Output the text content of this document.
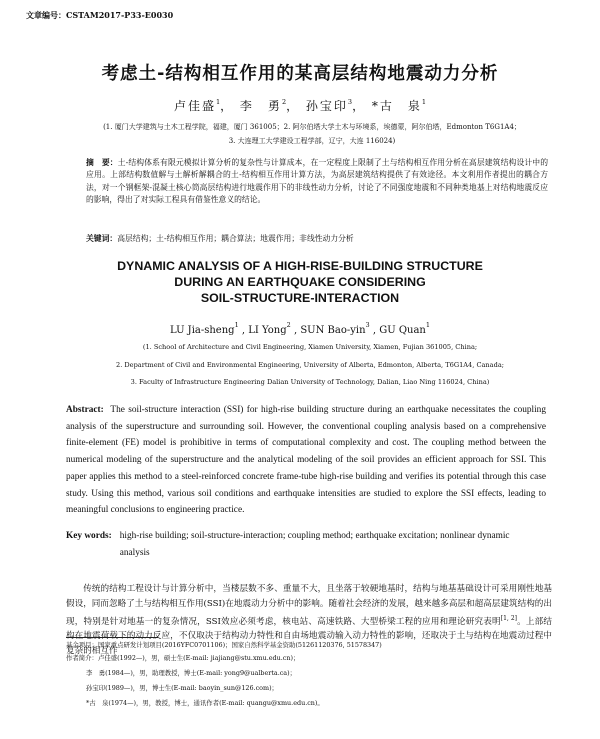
文章编号：CSTAM2017-P33-E0030
考虑土-结构相互作用的某高层结构地震动力分析
卢佳盛$^1$， 李　勇$^2$， 孙宝印$^3$， *古　泉$^1$
(1. 厦门大学建筑与土木工程学院，福建，厦门 361005；2. 阿尔伯塔大学土木与环境系，埃德蒙，阿尔伯塔，Edmonton T6G1A4；
3. 大连理工大学建设工程学部，辽宁，大连 116024)
摘　要：土-结构体系有限元模拟计算分析的复杂性与计算成本，在一定程度上限制了土与结构相互作用分析在高层建筑结构设计中的应用。上部结构数值解与土解析解耦合的土-结构相互作用计算方法，为高层建筑结构提供了有效途径。本文利用作者提出的耦合方法，对一个钢框架-混凝土核心筒高层结构进行地震作用下的非线性动力分析，讨论了不同强度地震和不同种类地基上对结构地震反应的影响，得出了对实际工程具有借鉴性意义的结论。
关键词：高层结构；土-结构相互作用；耦合算法；地震作用；非线性动力分析
DYNAMIC ANALYSIS OF A HIGH-RISE-BUILDING STRUCTURE
DURING AN EARTHQUAKE CONSIDERING
SOIL-STRUCTURE-INTERACTION
LU Jia-sheng$^1$ , LI Yong$^2$ , SUN Bao-yin$^3$ , GU Quan$^1$
(1. School of Architecture and Civil Engineering, Xiamen University, Xiamen, Fujian 361005, China;
2. Department of Civil and Environmental Engineering, University of Alberta, Edmonton, Alberta, T6G1A4, Canada;
3. Faculty of Infrastructure Engineering Dalian University of Technology, Dalian, Liao Ning 116024, China)
Abstract: The soil-structure interaction (SSI) for high-rise building structure during an earthquake necessitates the coupling analysis of the superstructure and surrounding soil. However, the conventional coupling analysis based on a comprehensive finite-element (FE) model is prohibitive in terms of computational complexity and cost. The coupling method between the numerical modeling of the superstructure and the analytical modeling of the soil provides an efficient approach for SSI. This paper applies this method to a steel-reinforced concrete frame-tube high-rise building and verifies its potential through this case study. Using this method, various soil conditions and earthquake intensities are studied to explore the SSI effects, leading to meaningful conclusions to engineering practice.
Key words: high-rise building; soil-structure-interaction; coupling method; earthquake excitation; nonlinear dynamic analysis
传统的结构工程设计与计算分析中，当楼层数不多、重量不大，且坐落于较硬地基时，结构与地基基础设计可采用刚性地基假设，同而忽略了土与结构相互作用(SSI)在地震动力分析中的影响。随着社会经济的发展，越来越多高层和超高层建筑结构的出现，特别是针对地基一的复杂情况，SSI效应必须考虑，核电站、高速铁路、大型桥梁工程的应用和理论研究表明[1, 2]。上部结构在地震荷载下的动力反应，不仅取决于结构动力特性和自由场地震动输入动力特性的影响，还取决于土与结构在地震动过程中复杂的相互作
基金项目：国家重点研发计划项目(2016YFC0701106)；国家自然科学基金资助(51261120376, 51578347)
作者简介：卢佳盛(1992—)，男，硕士生(E-mail: jiajiang@stu.xmu.edu.cn)；
李　勇(1984—)，男，助理教授，博士(E-mail: yong9@ualberta.ca)；
孙宝印(1989—)，男，博士生(E-mail: baoyin_sun@126.com)；
*古　泉(1974—)，男，教授，博士，通讯作者(E-mail: quangu@xmu.edu.cn)。
